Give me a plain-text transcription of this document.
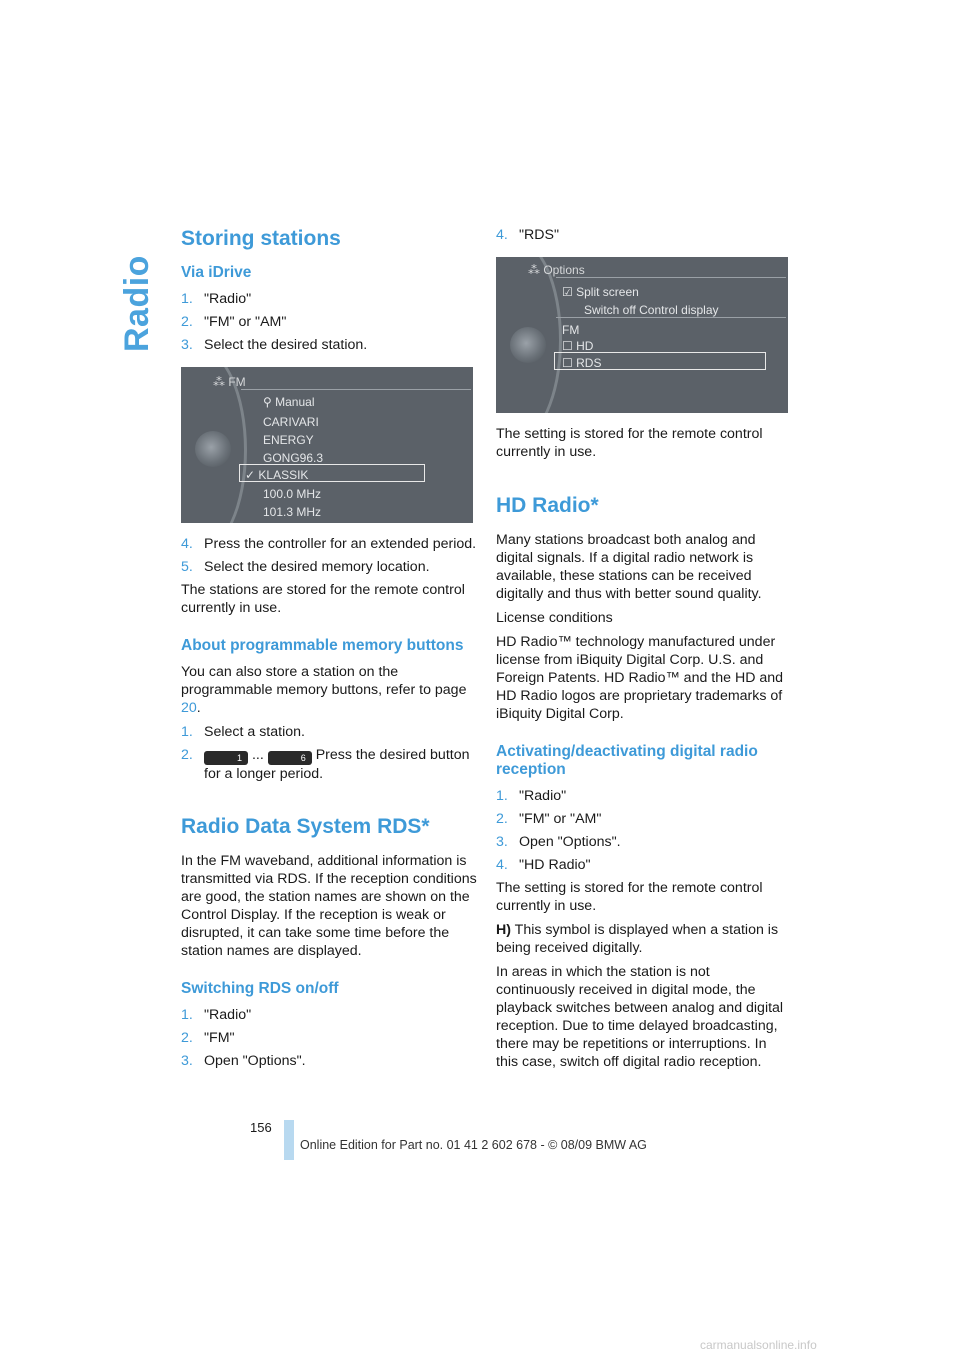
Radio
Storing stations
Via iDrive
1. "Radio"
2. "FM" or "AM"
3. Select the desired station.
⁂ FM
⚲ Manual
CARIVARI
ENERGY
GONG96.3
✓ KLASSIK
100.0 MHz
101.3 MHz
4. Press the controller for an extended period.
5. Select the desired memory location.

The stations are stored for the remote control currently in use.

About programmable memory buttons

You can also store a station on the programmable memory buttons, refer to page 20.

1. Select a station.
2.	1 ...	6 Press the desired button for a longer period.
Radio Data System RDS*

In the FM waveband, additional information is transmitted via RDS. If the reception conditions are good, the station names are shown on the Control Display. If the reception is weak or disrupted, it can take some time before the station names are displayed.

Switching RDS on/off
1. "Radio"
2. "FM"
3. Open "Options".
4. "RDS"
⁂ Options
☑ Split screen
Switch off Control display
FM
☐ HD
☐ RDS

The setting is stored for the remote control currently in use.

HD Radio*

Many stations broadcast both analog and digital signals. If a digital radio network is available, these stations can be received digitally and thus with better sound quality.

License conditions

HD Radio™ technology manufactured under license from iBiquity Digital Corp. U.S. and Foreign Patents. HD Radio™ and the HD and HD Radio logos are proprietary trademarks of iBiquity Digital Corp.

Activating/deactivating digital radio reception
1. "Radio"
2. "FM" or "AM"
3. Open "Options".
4. "HD Radio"

The setting is stored for the remote control currently in use.

H) This symbol is displayed when a station is being received digitally.

In areas in which the station is not continuously received in digital mode, the playback switches between analog and digital reception. Due to time delayed broadcasting, there may be repetitions or interruptions. In this case, switch off digital radio reception.

156
Online Edition for Part no. 01 41 2 602 678 - © 08/09 BMW AG
carmanualsonline.info
